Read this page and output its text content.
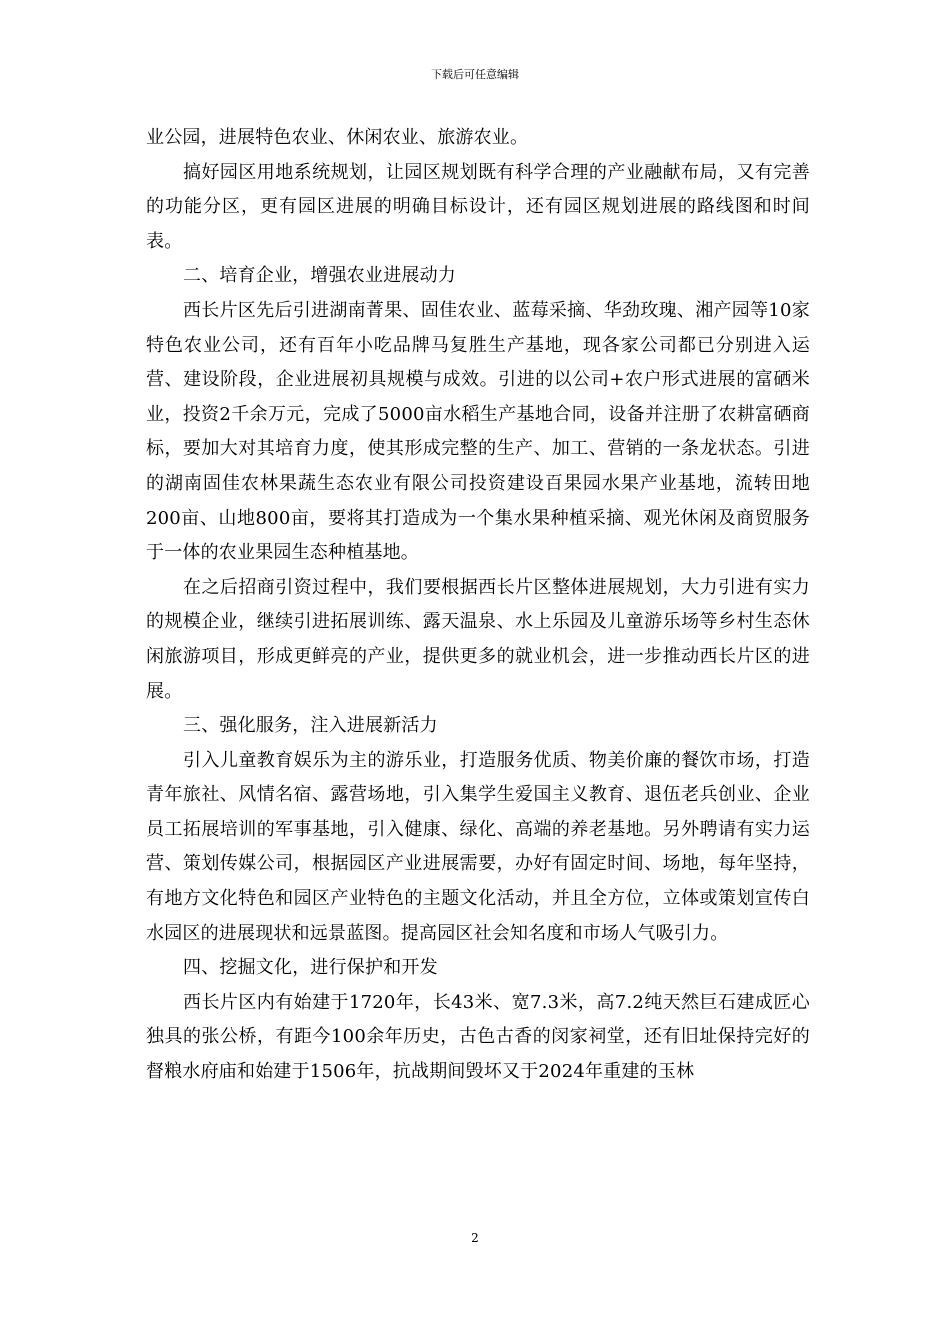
下载后可任意编辑

业公园，进展特色农业、休闲农业、旅游农业。

搞好园区用地系统规划，让园区规划既有科学合理的产业融献布局，又有完善的功能分区，更有园区进展的明确目标设计，还有园区规划进展的路线图和时间表。

二、培育企业，增强农业进展动力

西长片区先后引进湖南菁果、固佳农业、蓝莓采摘、华劲玫瑰、湘产园等10家特色农业公司，还有百年小吃品牌马复胜生产基地，现各家公司都已分别进入运营、建设阶段，企业进展初具规模与成效。引进的以公司+农户形式进展的富硒米业，投资2千余万元，完成了5000亩水稻生产基地合同，设备并注册了农耕富硒商标，要加大对其培育力度，使其形成完整的生产、加工、营销的一条龙状态。引进的湖南固佳农林果蔬生态农业有限公司投资建设百果园水果产业基地，流转田地200亩、山地800亩，要将其打造成为一个集水果种植采摘、观光休闲及商贸服务于一体的农业果园生态种植基地。

在之后招商引资过程中，我们要根据西长片区整体进展规划，大力引进有实力的规模企业，继续引进拓展训练、露天温泉、水上乐园及儿童游乐场等乡村生态休闲旅游项目，形成更鲜亮的产业，提供更多的就业机会，进一步推动西长片区的进展。

三、强化服务，注入进展新活力

引入儿童教育娱乐为主的游乐业，打造服务优质、物美价廉的餐饮市场，打造青年旅社、风情名宿、露营场地，引入集学生爱国主义教育、退伍老兵创业、企业员工拓展培训的军事基地，引入健康、绿化、高端的养老基地。另外聘请有实力运营、策划传媒公司，根据园区产业进展需要，办好有固定时间、场地，每年坚持，有地方文化特色和园区产业特色的主题文化活动，并且全方位，立体或策划宣传白水园区的进展现状和远景蓝图。提高园区社会知名度和市场人气吸引力。

四、挖掘文化，进行保护和开发

西长片区内有始建于1720年，长43米、宽7.3米，高7.2纯天然巨石建成匠心独具的张公桥，有距今100余年历史，古色古香的闵家祠堂，还有旧址保持完好的督粮水府庙和始建于1506年，抗战期间毁坏又于2024年重建的玉林

2
